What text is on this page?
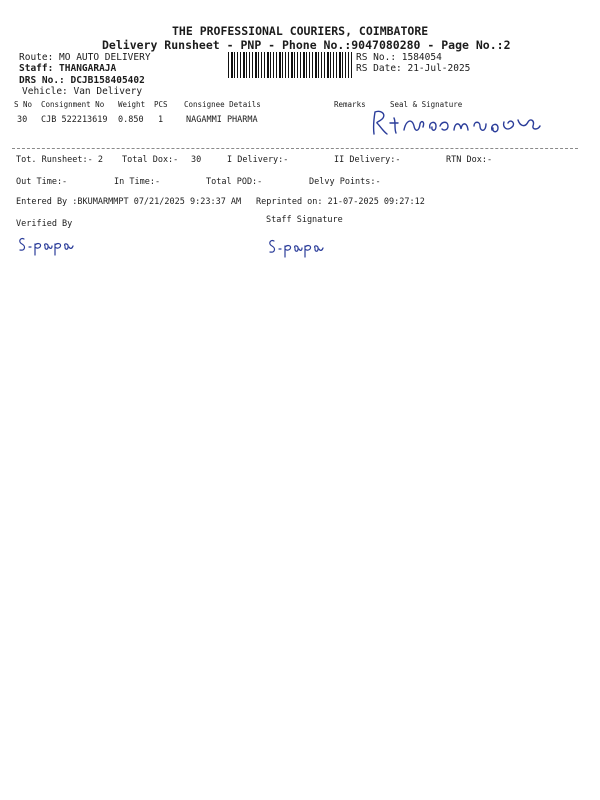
THE PROFESSIONAL COURIERS, COIMBATORE
Delivery Runsheet - PNP - Phone No.:9047080280 - Page No.:2
Route: MO AUTO DELIVERY
Staff: THANGARAJA
DRS No.: DCJB158405402
Vehicle: Van Delivery
RS No.: 1584054
RS Date: 21-Jul-2025
S No Consignment No Weight PCS Consignee Details	Remarks	Seal & Signature
30 CJB 522213619 0.850 1	NAGAMMI PHARMA
Tot. Runsheet:- 2 Total Dox:- 30	I Delivery:-	II Delivery:-	RTN Dox:-
Out Time:-	In Time:-	Total POD:-	Delvy Points:-
Entered By :BKUMARMMPT 07/21/2025 9:23:37 AM Reprinted on: 21-07-2025 09:27:12
Verified By	Staff Signature
